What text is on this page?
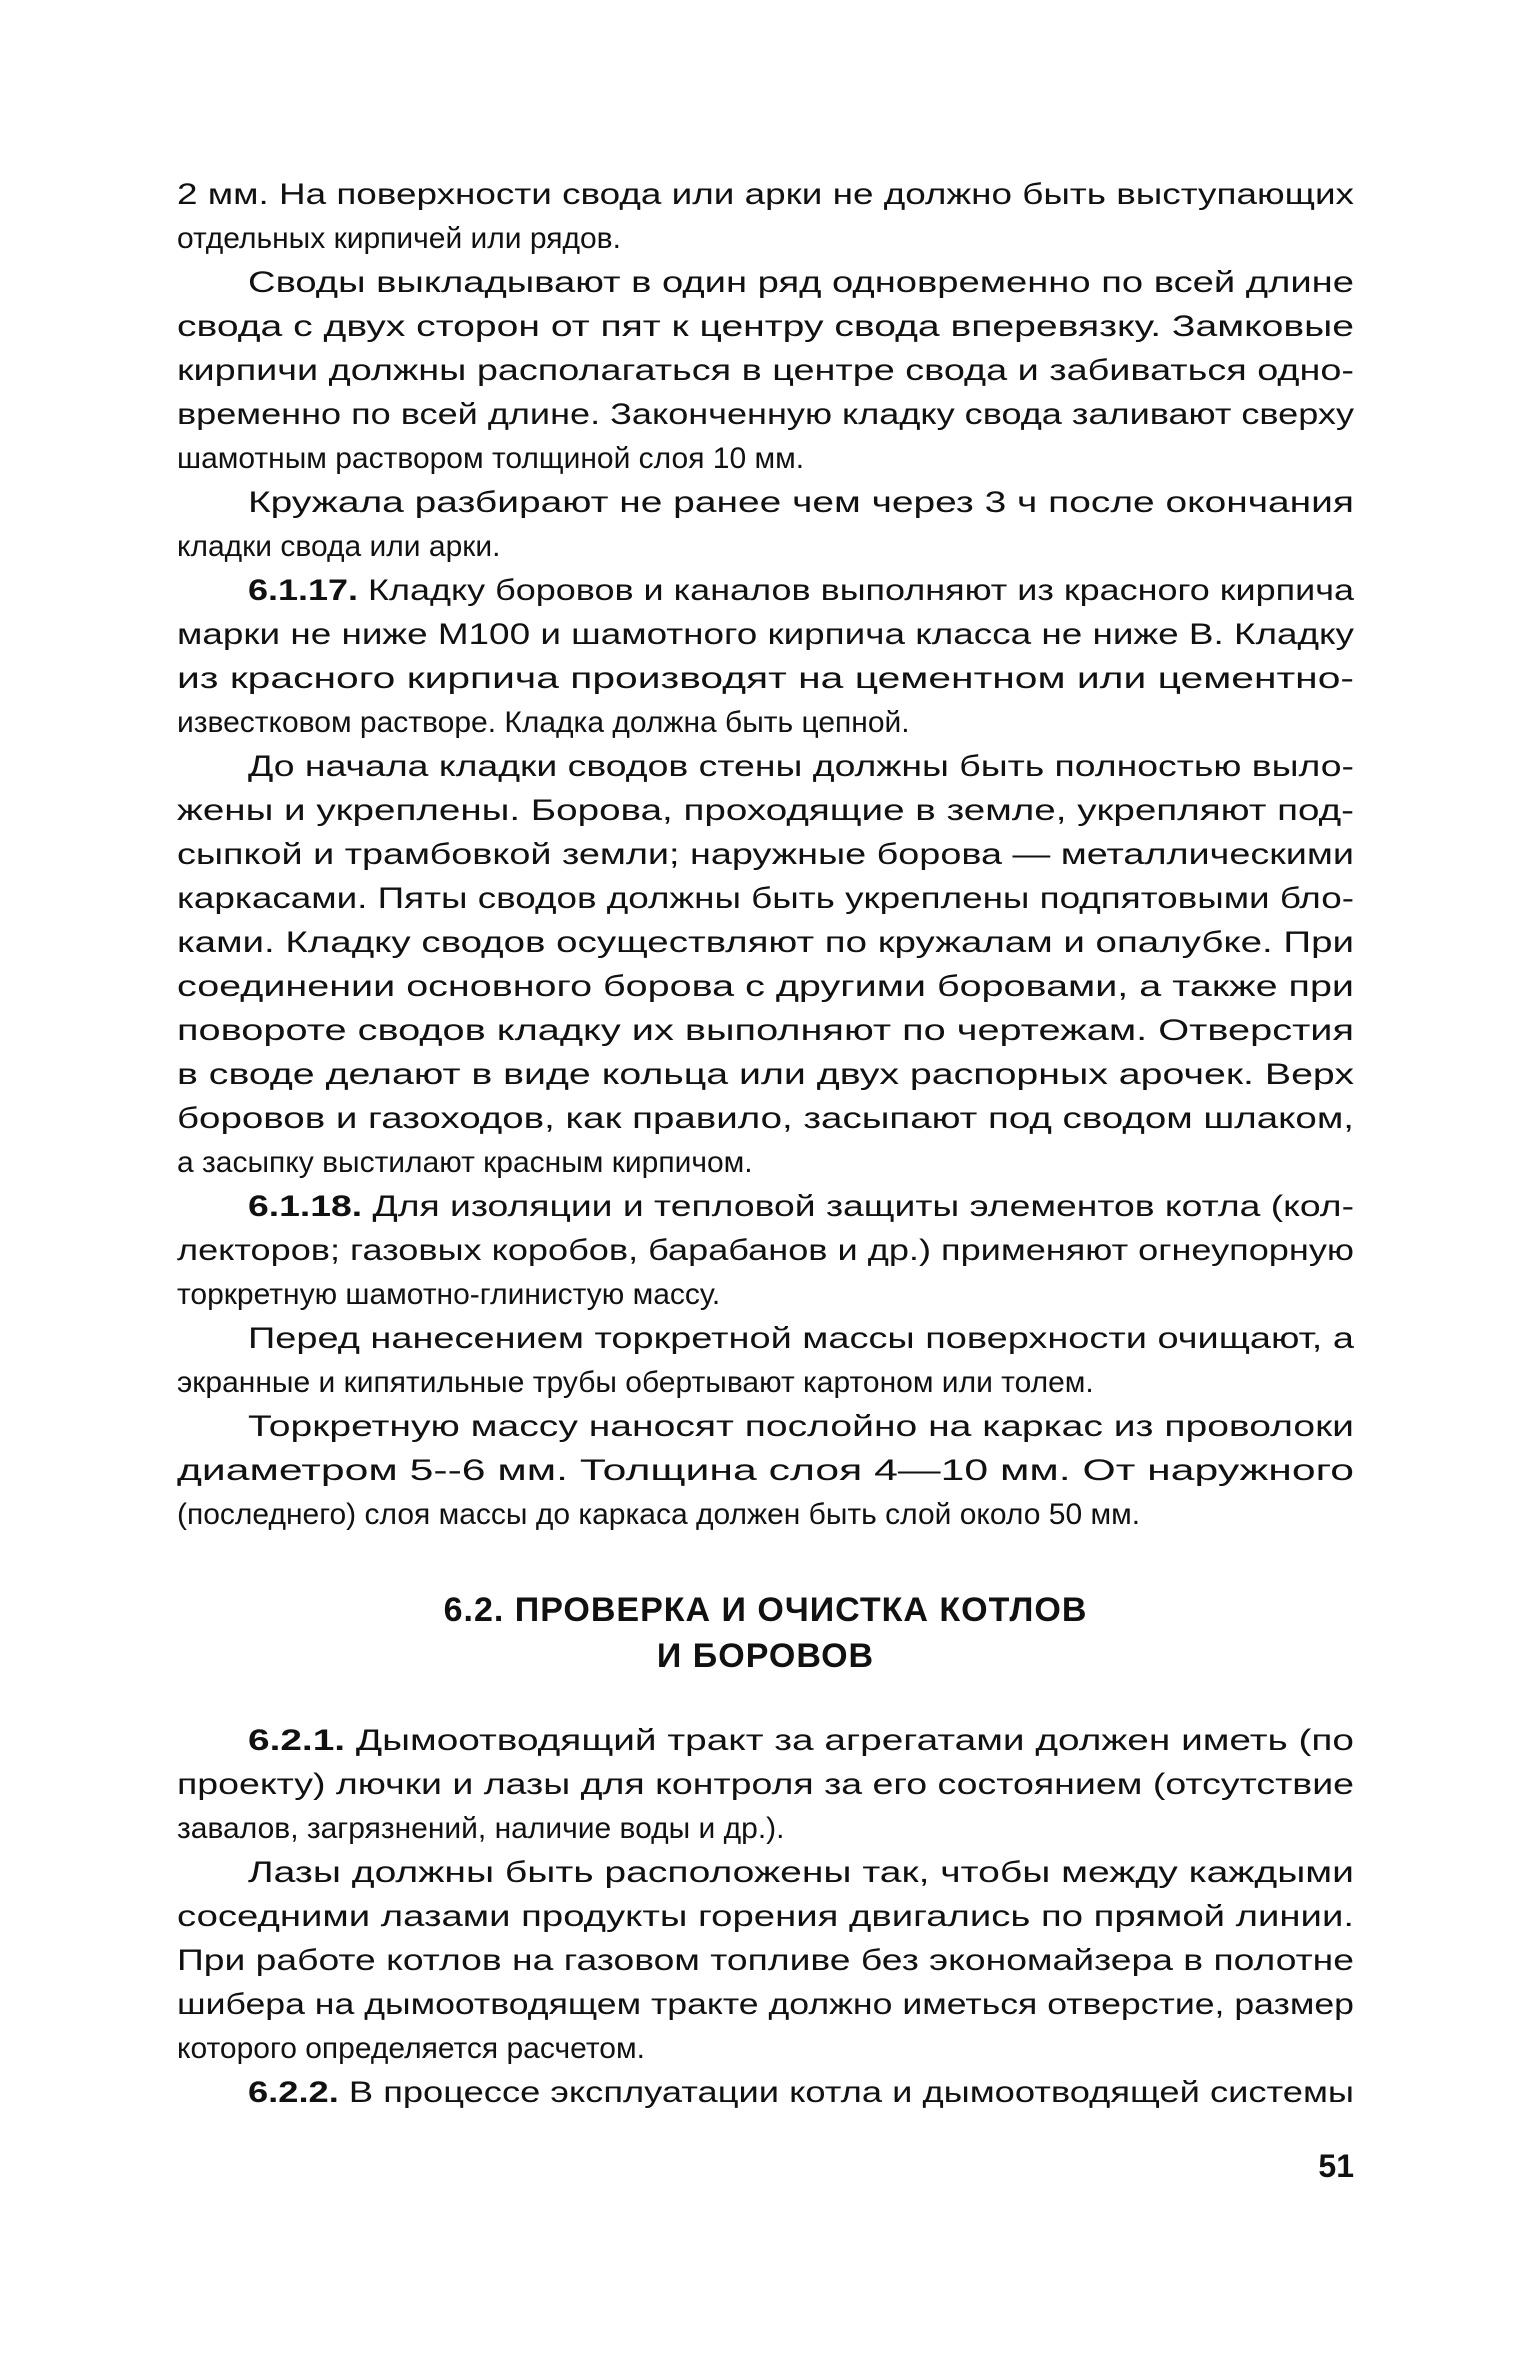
2 мм. На поверхности свода или арки не должно быть выступающих
отдельных кирпичей или рядов.
Своды выкладывают в один ряд одновременно по всей длине
свода с двух сторон от пят к центру свода вперевязку. Замковые
кирпичи должны располагаться в центре свода и забиваться одно-
временно по всей длине. Законченную кладку свода заливают сверху
шамотным раствором толщиной слоя 10 мм.
Кружала разбирают не ранее чем через 3 ч после окончания
кладки свода или арки.
6.1.17. Кладку боровов и каналов выполняют из красного кирпича
марки не ниже М100 и шамотного кирпича класса не ниже В. Кладку
из красного кирпича производят на цементном или цементно-
известковом растворе. Кладка должна быть цепной.
До начала кладки сводов стены должны быть полностью выло-
жены и укреплены. Борова, проходящие в земле, укрепляют под-
сыпкой и трамбовкой земли; наружные борова — металлическими
каркасами. Пяты сводов должны быть укреплены подпятовыми бло-
ками. Кладку сводов осуществляют по кружалам и опалубке. При
соединении основного борова с другими боровами, а также при
повороте сводов кладку их выполняют по чертежам. Отверстия
в своде делают в виде кольца или двух распорных арочек. Верх
боровов и газоходов, как правило, засыпают под сводом шлаком,
а засыпку выстилают красным кирпичом.
6.1.18. Для изоляции и тепловой защиты элементов котла (кол-
лекторов; газовых коробов, барабанов и др.) применяют огнеупорную
торкретную шамотно-глинистую массу.
Перед нанесением торкретной массы поверхности очищают, а
экранные и кипятильные трубы обертывают картоном или толем.
Торкретную массу наносят послойно на каркас из проволоки
диаметром 5--6 мм. Толщина слоя 4—10 мм. От наружного
(последнего) слоя массы до каркаса должен быть слой около 50 мм.
6.2. ПРОВЕРКА И ОЧИСТКА КОТЛОВ
И БОРОВОВ
6.2.1. Дымоотводящий тракт за агрегатами должен иметь (по
проекту) лючки и лазы для контроля за его состоянием (отсутствие
завалов, загрязнений, наличие воды и др.).
Лазы должны быть расположены так, чтобы между каждыми
соседними лазами продукты горения двигались по прямой линии.
При работе котлов на газовом топливе без экономайзера в полотне
шибера на дымоотводящем тракте должно иметься отверстие, размер
которого определяется расчетом.
6.2.2. В процессе эксплуатации котла и дымоотводящей системы
51
